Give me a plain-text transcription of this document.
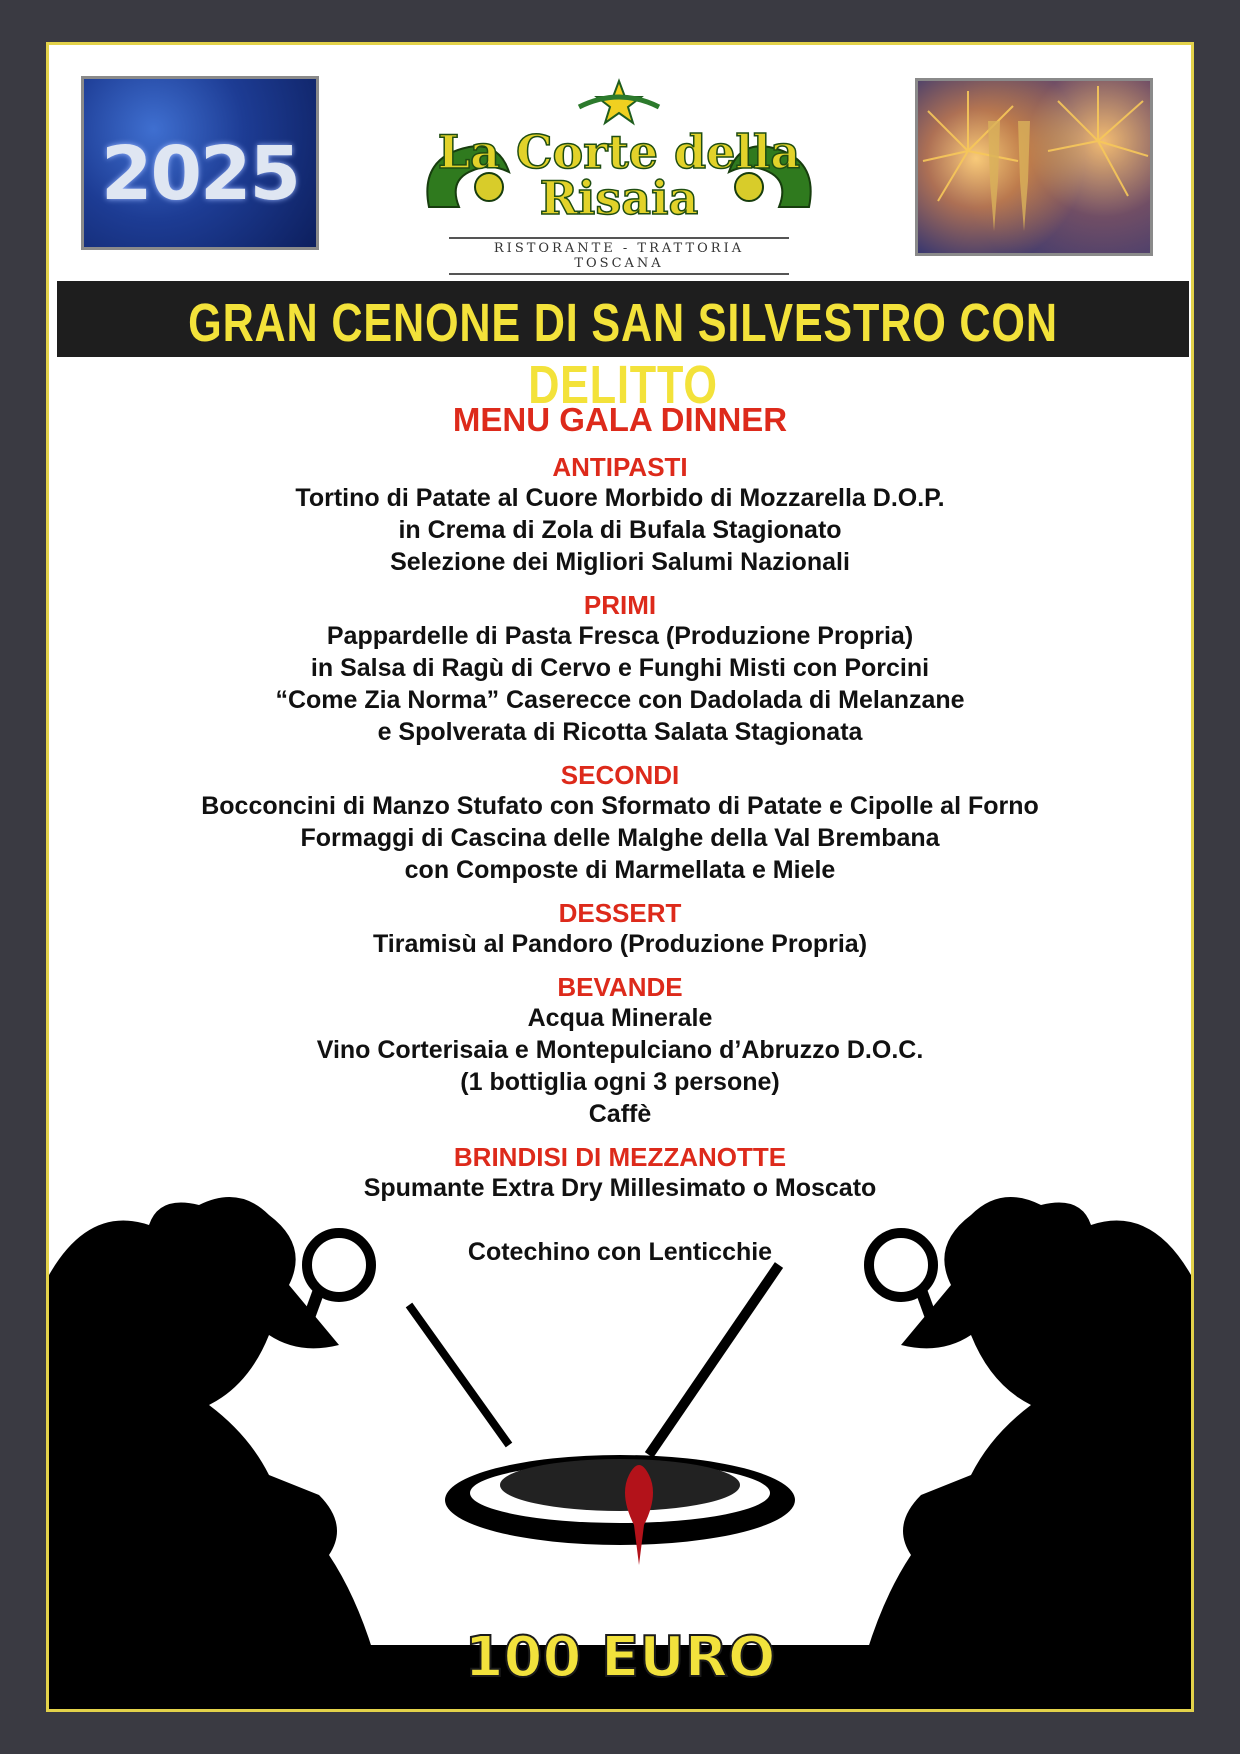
2025	La Corte della Risaia
RISTORANTE - TRATTORIA TOSCANA
GRAN CENONE DI SAN SILVESTRO CON DELITTO
MENU GALA DINNER
ANTIPASTI
Tortino di Patate al Cuore Morbido di Mozzarella D.O.P.
in Crema di Zola di Bufala Stagionato
Selezione dei Migliori Salumi Nazionali
PRIMI
Pappardelle di Pasta Fresca (Produzione Propria)
in Salsa di Ragù di Cervo e Funghi Misti con Porcini
“Come Zia Norma” Caserecce con Dadolada di Melanzane
e Spolverata di Ricotta Salata Stagionata
SECONDI
Bocconcini di Manzo Stufato con Sformato di Patate e Cipolle al Forno
Formaggi di Cascina delle Malghe della Val Brembana
con Composte di Marmellata e Miele
DESSERT
Tiramisù al Pandoro (Produzione Propria)
BEVANDE
Acqua Minerale
Vino Corterisaia e Montepulciano d’Abruzzo D.O.C.
(1 bottiglia ogni 3 persone)
Caffè
BRINDISI DI MEZZANOTTE
Spumante Extra Dry Millesimato o Moscato
Cotechino con Lenticchie
100 EURO
